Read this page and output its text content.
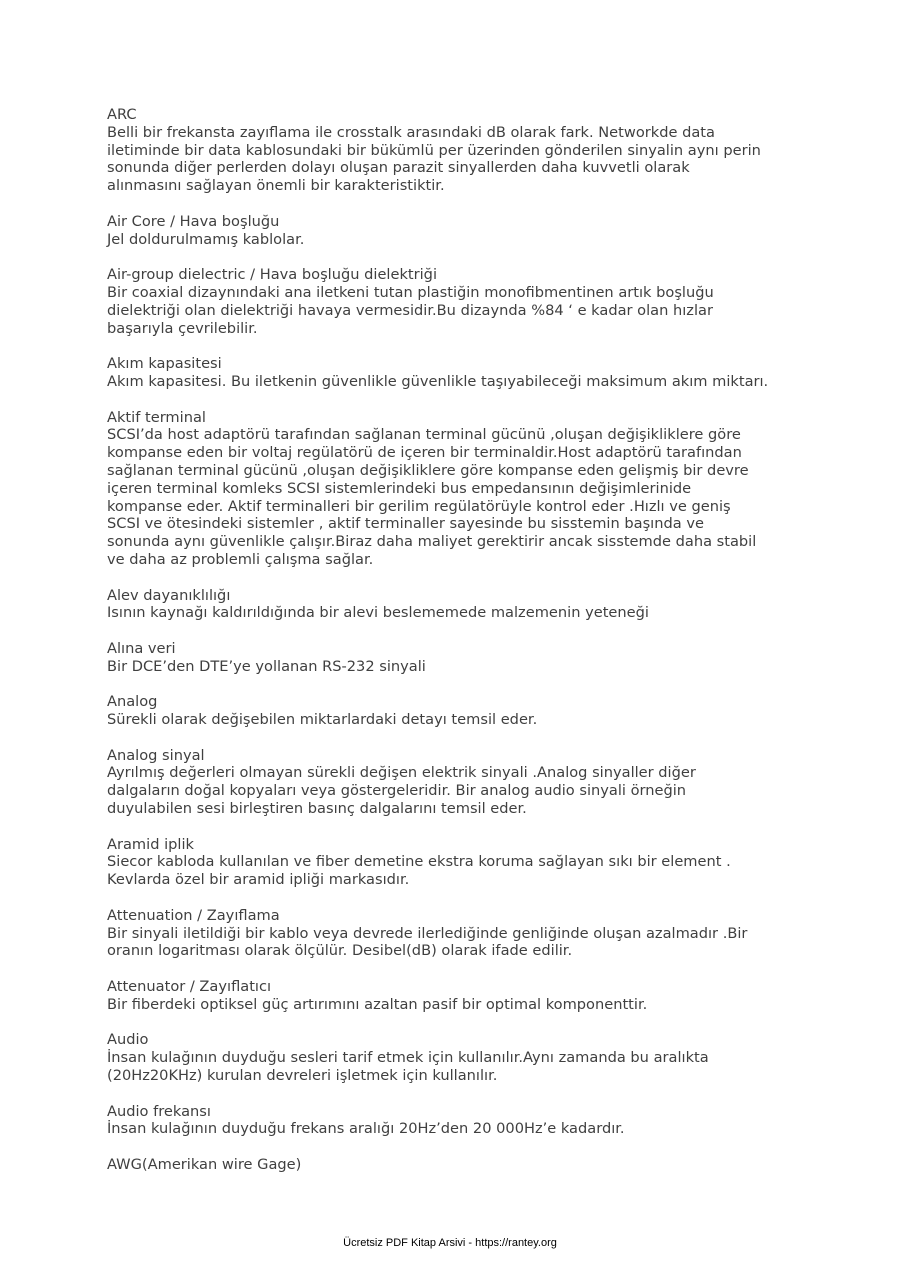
ARC
Belli bir frekansta zayıflama ile crosstalk arasındaki dB olarak fark. Networkde data
iletiminde bir data kablosundaki bir bükümlü per üzerinden gönderilen sinyalin aynı perin
sonunda diğer perlerden dolayı oluşan parazit sinyallerden daha kuvvetli olarak
alınmasını sağlayan önemli bir karakteristiktir.
Air Core / Hava boşluğu
Jel doldurulmamış kablolar.
Air-group dielectric / Hava boşluğu dielektriği
Bir coaxial dizaynındaki ana iletkeni tutan plastiğin monofibmentinen artık boşluğu
dielektriği olan dielektriği havaya vermesidir.Bu dizaynda %84 ‘ e kadar olan hızlar
başarıyla çevrilebilir.
Akım kapasitesi
Akım kapasitesi. Bu iletkenin güvenlikle güvenlikle taşıyabileceği maksimum akım miktarı.
Aktif terminal
SCSI’da host adaptörü tarafından sağlanan terminal gücünü ,oluşan değişikliklere göre
kompanse eden bir voltaj regülatörü de içeren bir terminaldir.Host adaptörü tarafından
sağlanan terminal gücünü ,oluşan değişikliklere göre kompanse eden gelişmiş bir devre
içeren terminal komleks SCSI sistemlerindeki bus empedansının değişimlerinide
kompanse eder. Aktif terminalleri bir gerilim regülatörüyle kontrol eder .Hızlı ve geniş
SCSI ve ötesindeki sistemler , aktif terminaller sayesinde bu sisstemin başında ve
sonunda aynı güvenlikle çalışır.Biraz daha maliyet gerektirir ancak sisstemde daha stabil
ve daha az problemli çalışma sağlar.
Alev dayanıklılığı
Isının kaynağı kaldırıldığında bir alevi beslememede malzemenin yeteneği
Alına veri
Bir DCE’den DTE’ye yollanan RS-232 sinyali
Analog
Sürekli olarak değişebilen miktarlardaki detayı temsil eder.
Analog sinyal
Ayrılmış değerleri olmayan sürekli değişen elektrik sinyali .Analog sinyaller diğer
dalgaların doğal kopyaları veya göstergeleridir. Bir analog audio sinyali örneğin
duyulabilen sesi birleştiren basınç dalgalarını temsil eder.
Aramid iplik
Siecor kabloda kullanılan ve fiber demetine ekstra koruma sağlayan sıkı bir element .
Kevlarda özel bir aramid ipliği markasıdır.
Attenuation / Zayıflama
Bir sinyali iletildiği bir kablo veya devrede ilerlediğinde genliğinde oluşan azalmadır .Bir
oranın logaritması olarak ölçülür. Desibel(dB) olarak ifade edilir.
Attenuator / Zayıflatıcı
Bir fiberdeki optiksel güç artırımını azaltan pasif bir optimal komponenttir.
Audio
İnsan kulağının duyduğu sesleri tarif etmek için kullanılır.Aynı zamanda bu aralıkta
(20Hz20KHz) kurulan devreleri işletmek için kullanılır.
Audio frekansı
İnsan kulağının duyduğu frekans aralığı 20Hz’den 20 000Hz’e kadardır.
AWG(Amerikan wire Gage)
Ücretsiz PDF Kitap Arsivi - https://rantey.org
